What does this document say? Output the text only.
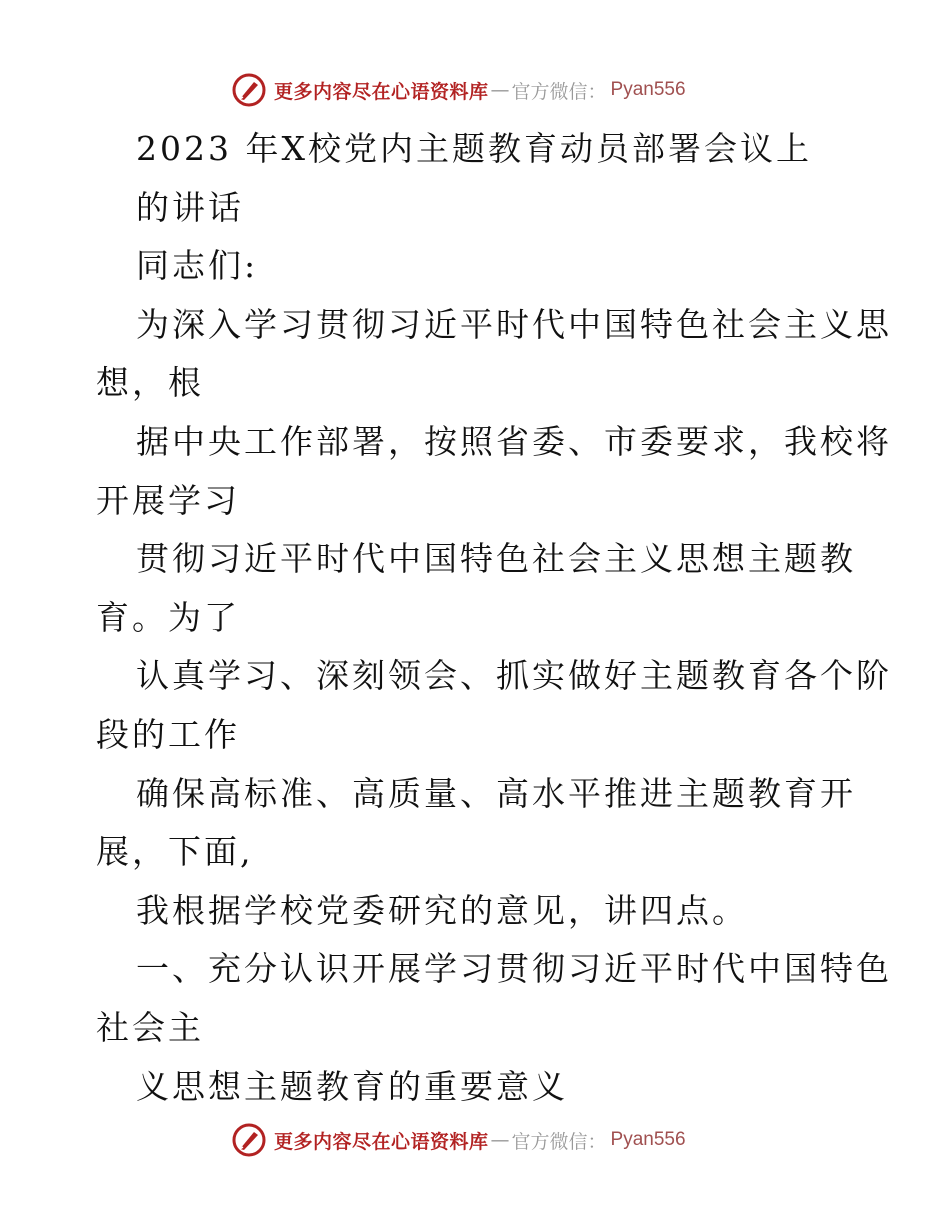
更多内容尽在心语资料库 — 官方微信： Pyan556
2023 年X校党内主题教育动员部署会议上
的讲话
同志们:
为深入学习贯彻习近平时代中国特色社会主义思
想，根
据中央工作部署，按照省委、市委要求，我校将
开展学习
贯彻习近平时代中国特色社会主义思想主题教
育。为了
认真学习、深刻领会、抓实做好主题教育各个阶
段的工作
确保高标准、高质量、高水平推进主题教育开
展，下面,
我根据学校党委研究的意见，讲四点。
一、充分认识开展学习贯彻习近平时代中国特色
社会主
义思想主题教育的重要意义
更多内容尽在心语资料库 — 官方微信： Pyan556
